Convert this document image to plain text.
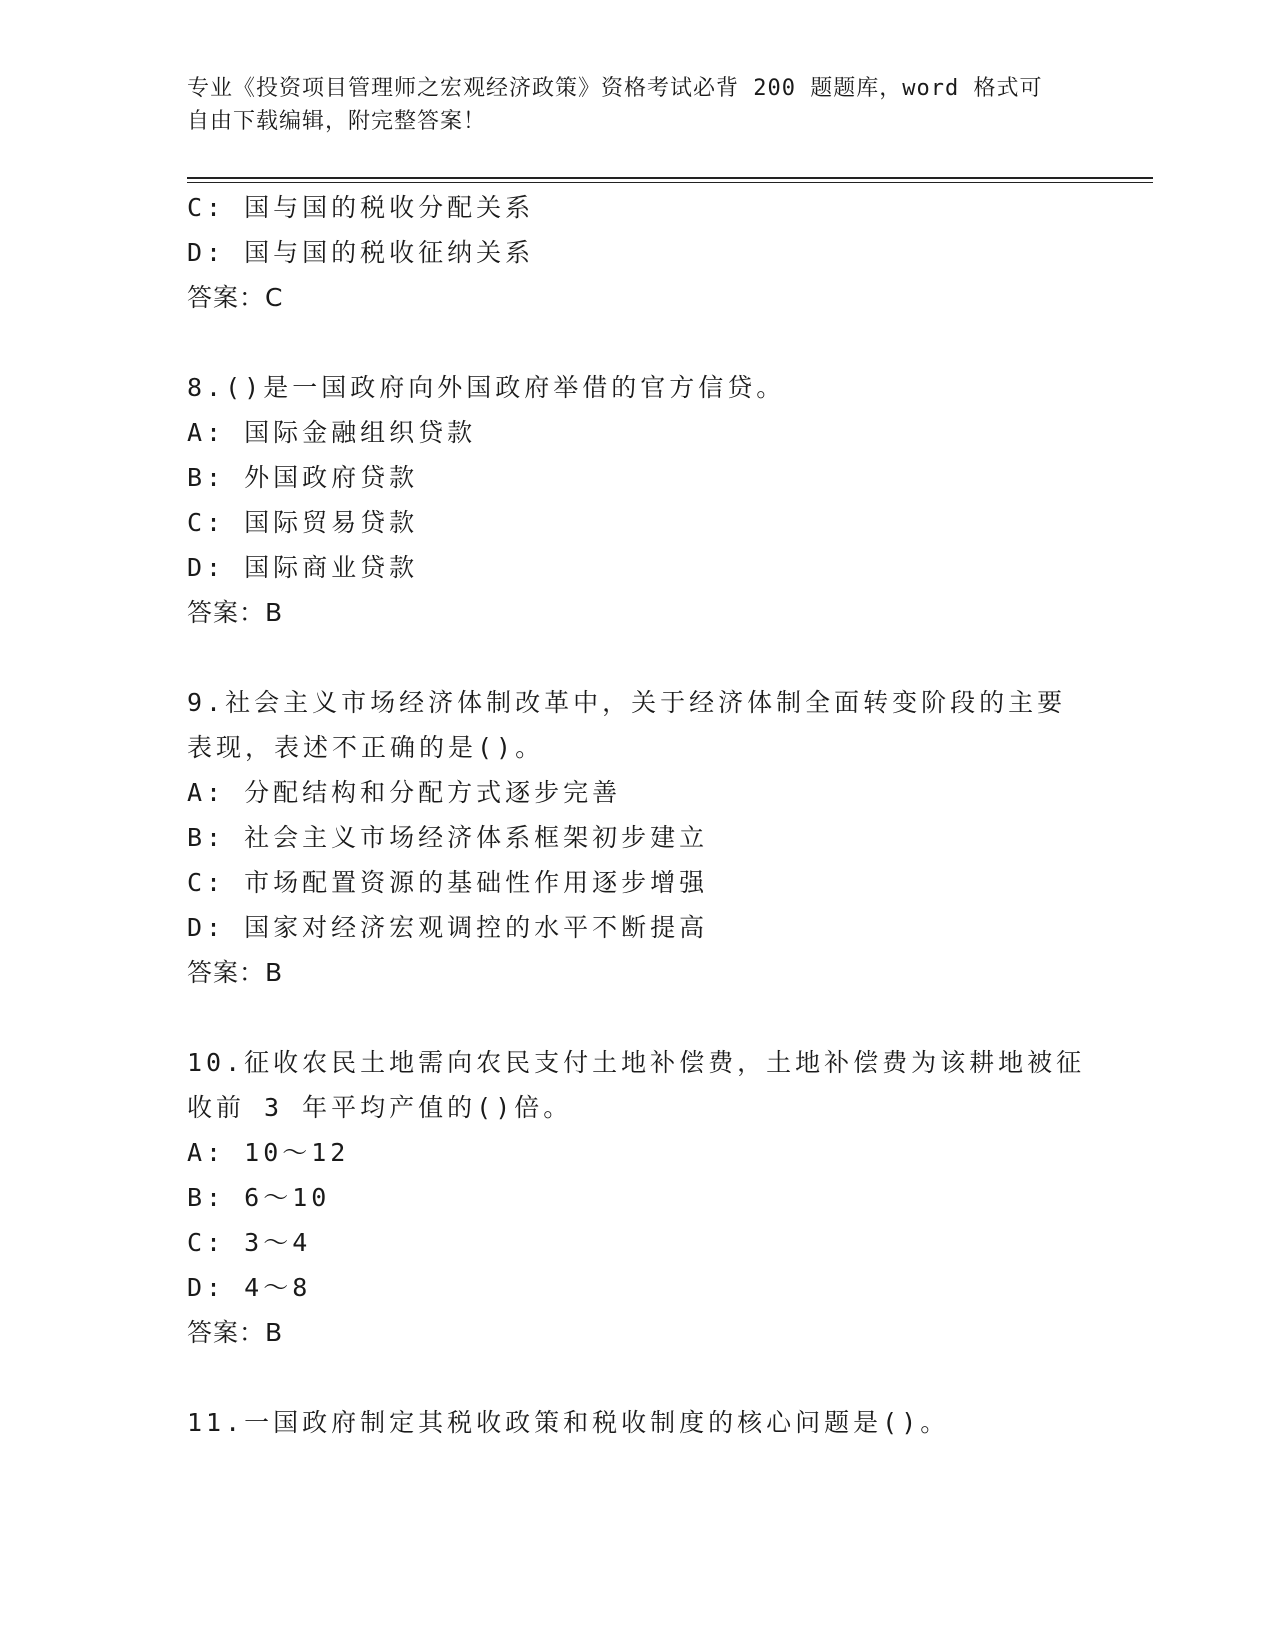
专业《投资项目管理师之宏观经济政策》资格考试必背 200 题题库，word 格式可
自由下载编辑，附完整答案！
C: 国与国的税收分配关系
D: 国与国的税收征纳关系
答案：C
8.()是一国政府向外国政府举借的官方信贷。
A: 国际金融组织贷款
B: 外国政府贷款
C: 国际贸易贷款
D: 国际商业贷款
答案：B
9.社会主义市场经济体制改革中，关于经济体制全面转变阶段的主要
表现，表述不正确的是()。
A: 分配结构和分配方式逐步完善
B: 社会主义市场经济体系框架初步建立
C: 市场配置资源的基础性作用逐步增强
D: 国家对经济宏观调控的水平不断提高
答案：B
10.征收农民土地需向农民支付土地补偿费，土地补偿费为该耕地被征
收前 3 年平均产值的()倍。
A: 10～12
B: 6～10
C: 3～4
D: 4～8
答案：B
11.一国政府制定其税收政策和税收制度的核心问题是()。
